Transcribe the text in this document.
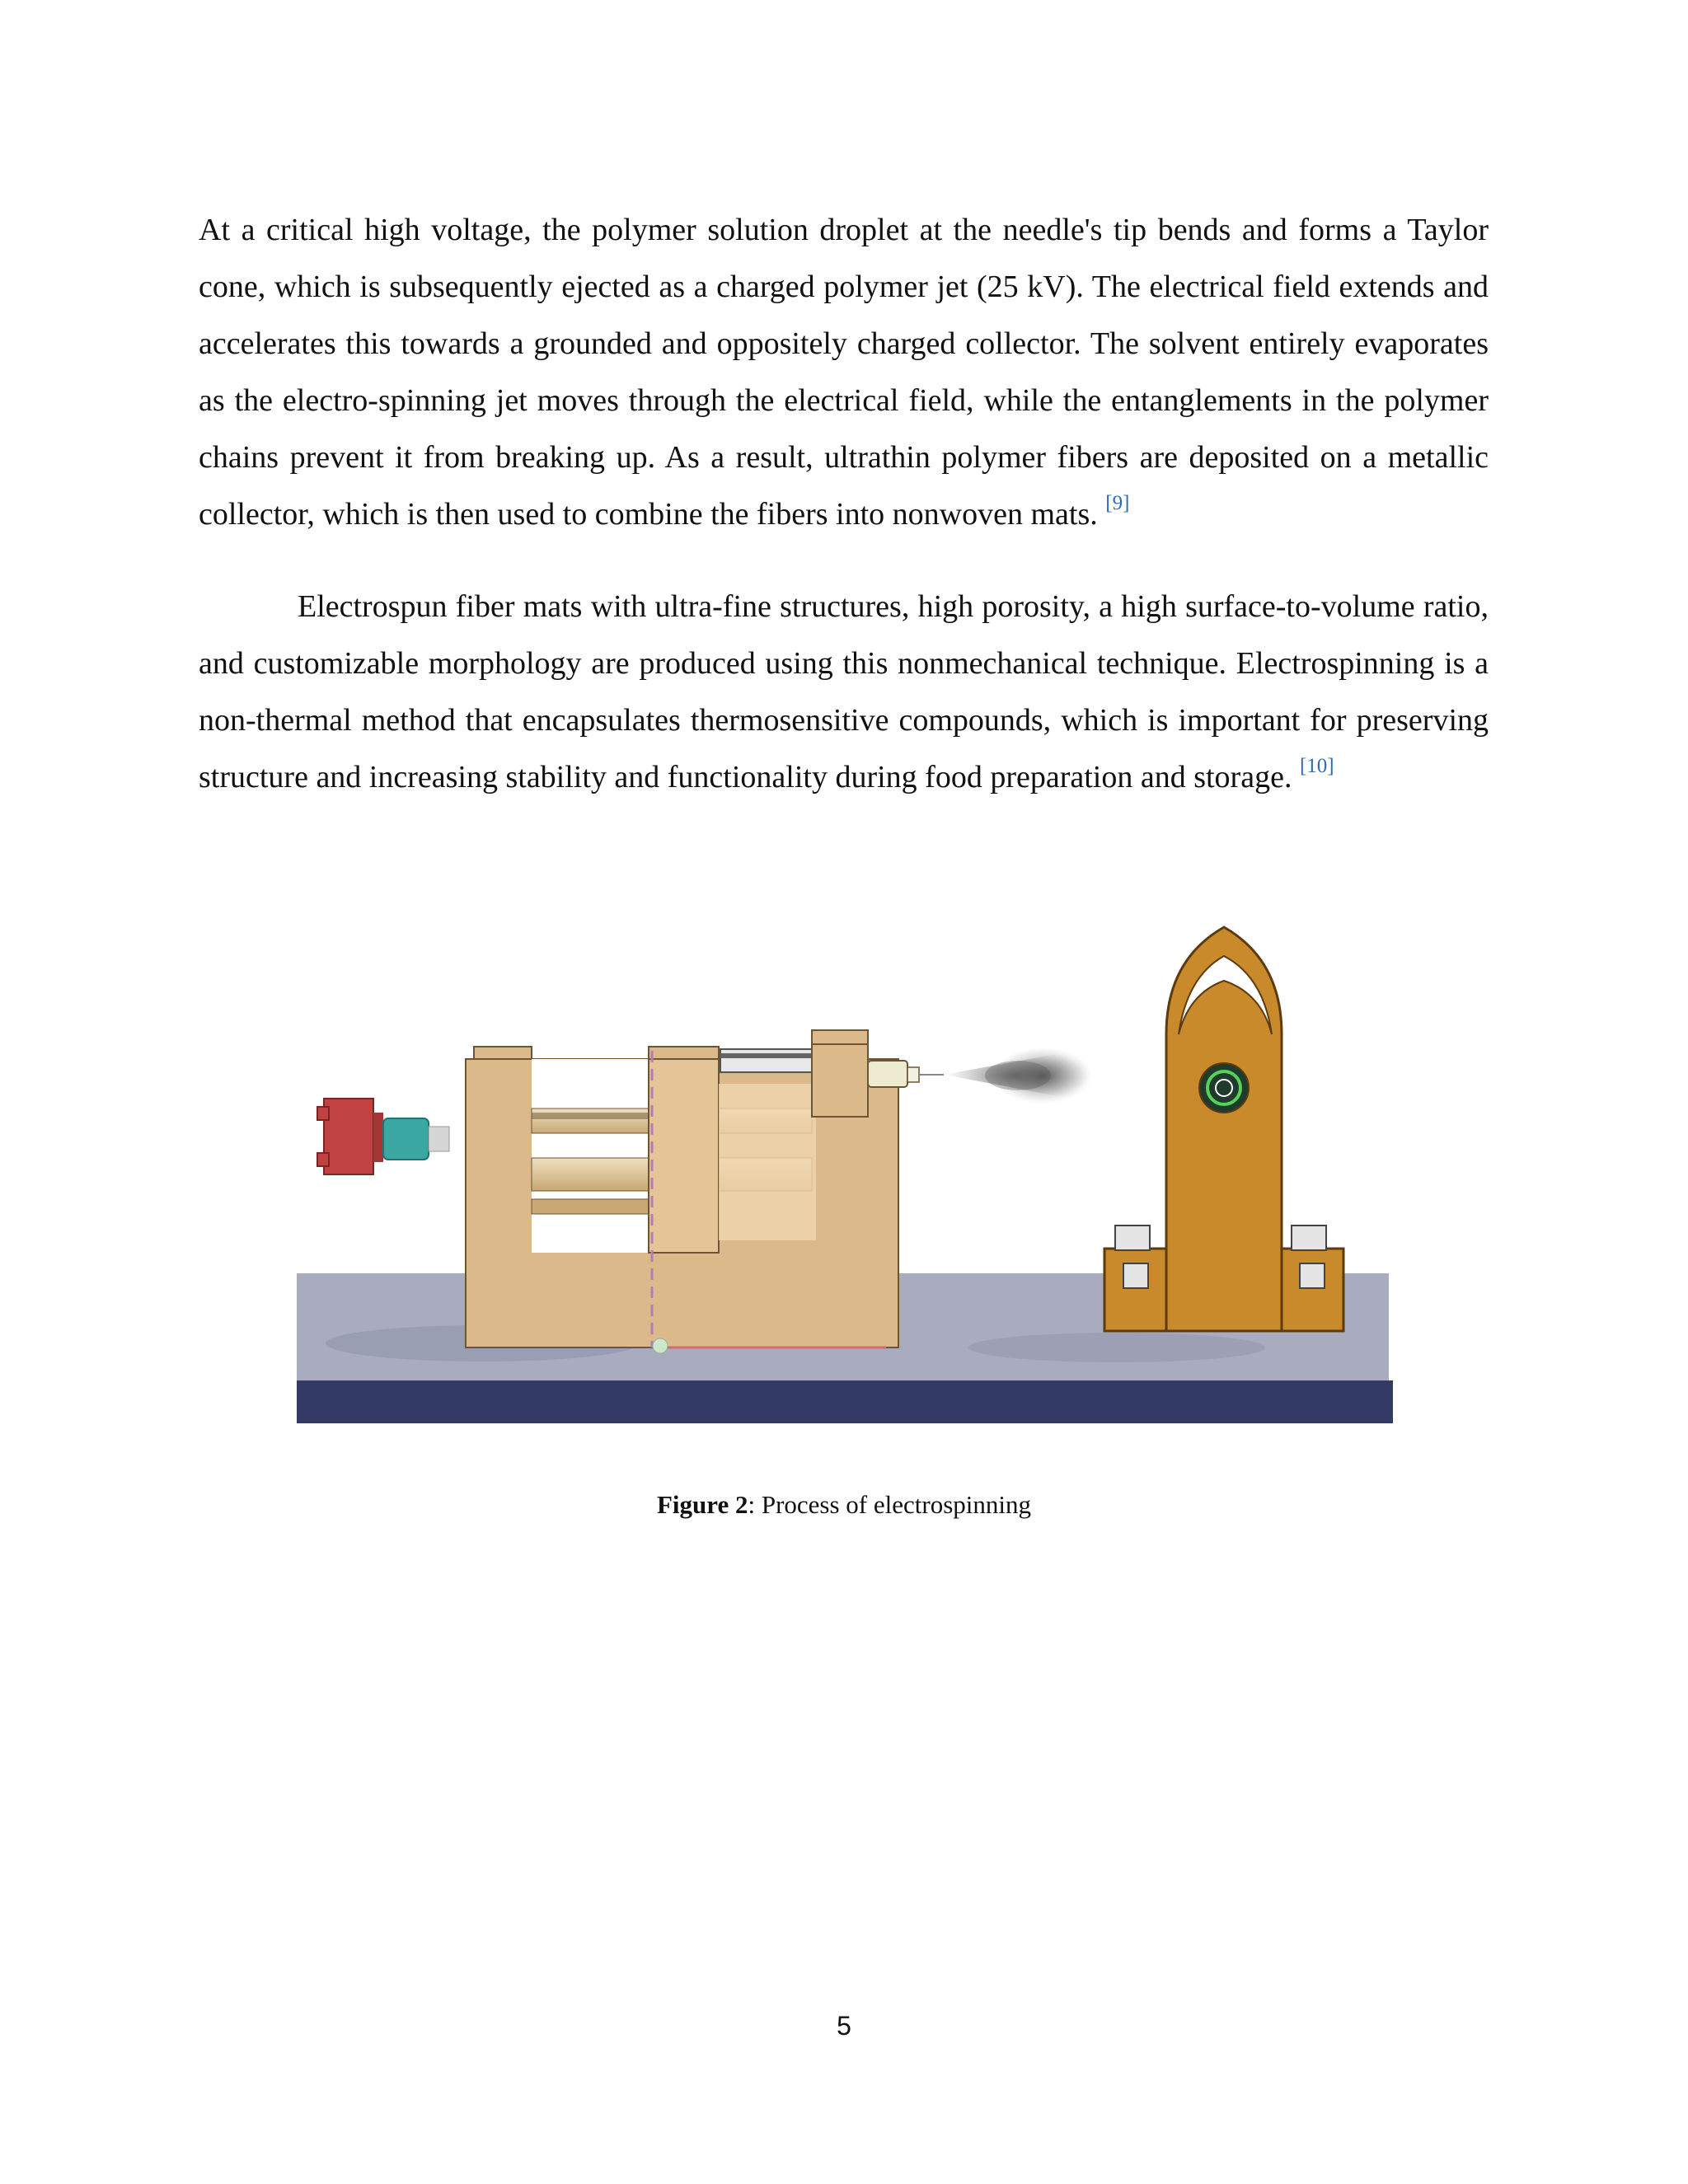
At a critical high voltage, the polymer solution droplet at the needle's tip bends and forms a Taylor cone, which is subsequently ejected as a charged polymer jet (25 kV). The electrical field extends and accelerates this towards a grounded and oppositely charged collector. The solvent entirely evaporates as the electro-spinning jet moves through the electrical field, while the entanglements in the polymer chains prevent it from breaking up. As a result, ultrathin polymer fibers are deposited on a metallic collector, which is then used to combine the fibers into nonwoven mats. [9]

Electrospun fiber mats with ultra-fine structures, high porosity, a high surface-to-volume ratio, and customizable morphology are produced using this nonmechanical technique. Electrospinning is a non-thermal method that encapsulates thermosensitive compounds, which is important for preserving structure and increasing stability and functionality during food preparation and storage. [10]

Figure 2: Process of electrospinning
5
